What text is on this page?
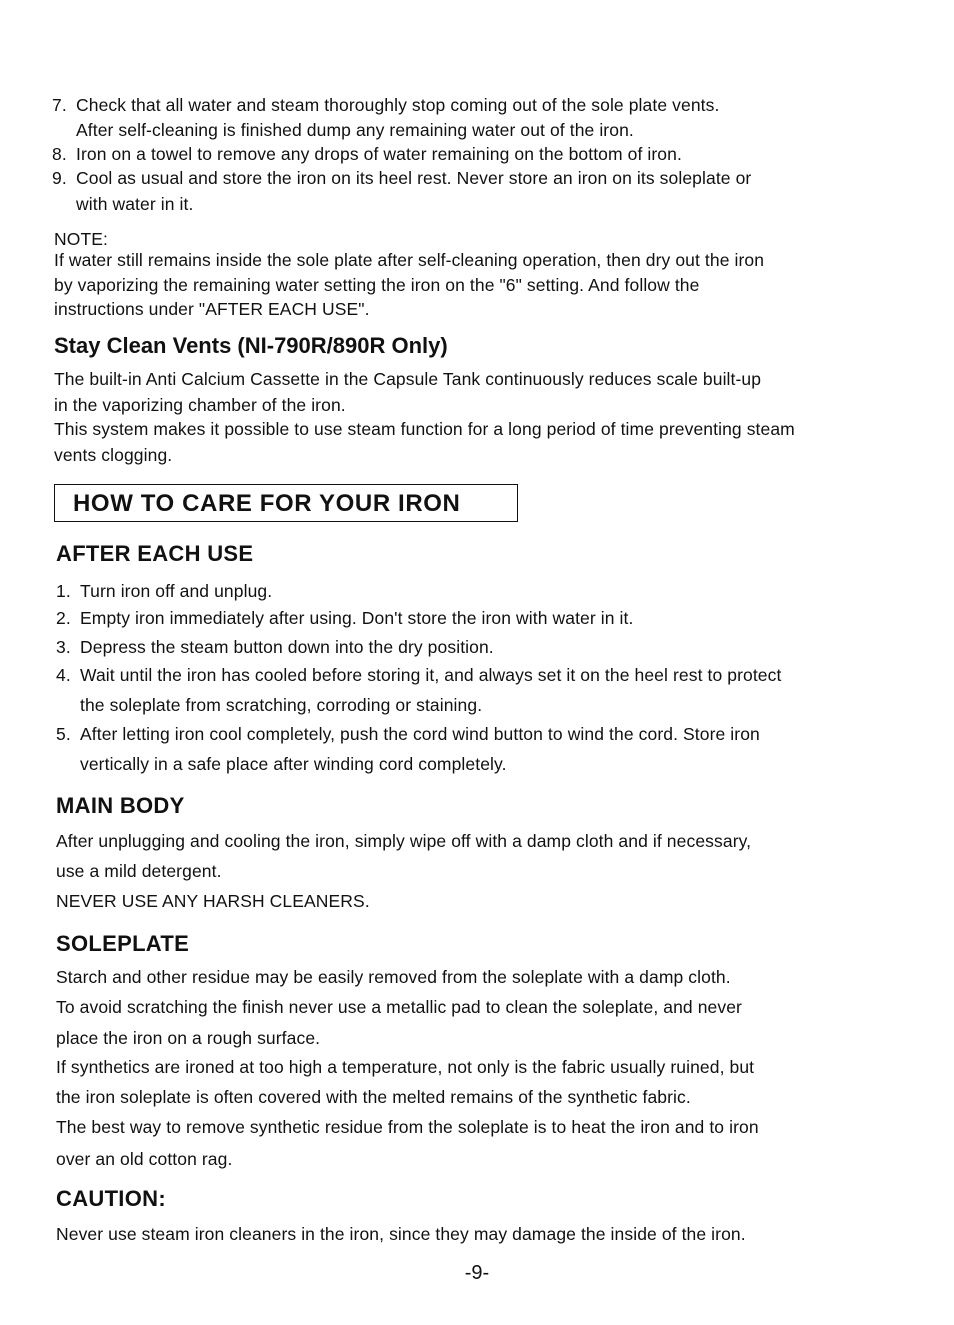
7. Check that all water and steam thoroughly stop coming out of the sole plate vents.
After self-cleaning is finished dump any remaining water out of the iron.
8. Iron on a towel to remove any drops of water remaining on the bottom of iron.
9. Cool as usual and store the iron on its heel rest. Never store an iron on its soleplate or
with water in it.
NOTE:
If water still remains inside the sole plate after self-cleaning operation, then dry out the iron
by vaporizing the remaining water setting the iron on the "6" setting. And follow the
instructions under "AFTER EACH USE".
Stay Clean Vents (NI-790R/890R Only)
The built-in Anti Calcium Cassette in the Capsule Tank continuously reduces scale built-up
in the vaporizing chamber of the iron.
This system makes it possible to use steam function for a long period of time preventing steam
vents clogging.
HOW TO CARE FOR YOUR IRON
AFTER EACH USE
1. Turn iron off and unplug.
2. Empty iron immediately after using. Don't store the iron with water in it.
3. Depress the steam button down into the dry position.
4. Wait until the iron has cooled before storing it, and always set it on the heel rest to protect
the soleplate from scratching, corroding or staining.
5. After letting iron cool completely, push the cord wind button to wind the cord. Store iron
vertically in a safe place after winding cord completely.
MAIN BODY
After unplugging and cooling the iron, simply wipe off with a damp cloth and if necessary,
use a mild detergent.
NEVER USE ANY HARSH CLEANERS.
SOLEPLATE
Starch and other residue may be easily removed from the soleplate with a damp cloth.
To avoid scratching the finish never use a metallic pad to clean the soleplate, and never
place the iron on a rough surface.
If synthetics are ironed at too high a temperature, not only is the fabric usually ruined, but
the iron soleplate is often covered with the melted remains of the synthetic fabric.
The best way to remove synthetic residue from the soleplate is to heat the iron and to iron
over an old cotton rag.
CAUTION:
Never use steam iron cleaners in the iron, since they may damage the inside of the iron.
-9-
